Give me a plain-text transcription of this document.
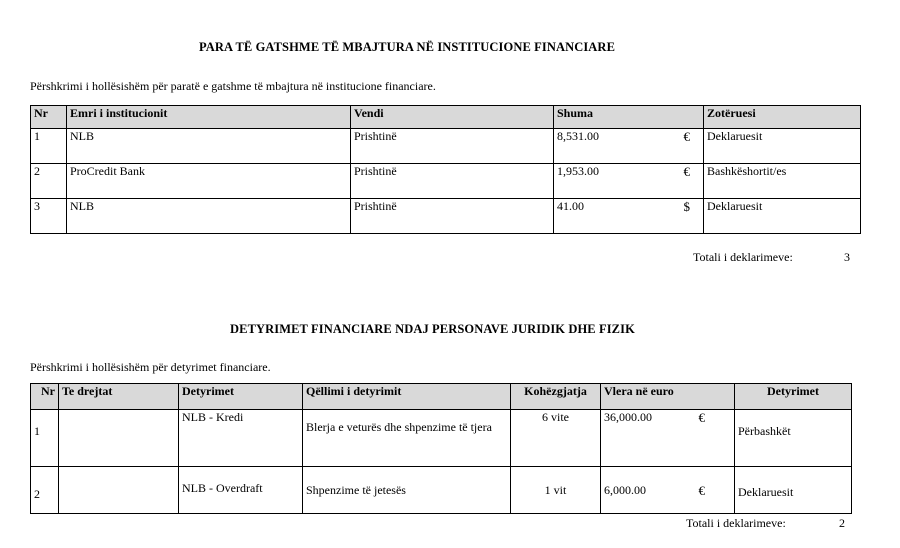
PARA TË GATSHME TË MBAJTURA NË INSTITUCIONE FINANCIARE
Përshkrimi i hollësishëm për paratë e gatshme të mbajtura në institucione financiare.
Nr	Emri i institucionit	Vendi	Shuma	Zotëruesi
1	NLB	Prishtinë	8,531.00 €	Deklaruesit
2	ProCredit Bank	Prishtinë	1,953.00 €	Bashkëshortit/es
3	NLB	Prishtinë	41.00 $	Deklaruesit
Totali i deklarimeve:	3
DETYRIMET FINANCIARE NDAJ PERSONAVE JURIDIK DHE FIZIK
Përshkrimi i hollësishëm për detyrimet financiare.
Nr	Te drejtat	Detyrimet	Qëllimi i detyrimit	Kohëzgjatja	Vlera në euro	Detyrimet
1		NLB - Kredi	Blerja e veturës dhe shpenzime të tjera	6 vite	36,000.00 €	Përbashkët
2		NLB - Overdraft	Shpenzime të jetesës	1 vit	6,000.00 €	Deklaruesit
Totali i deklarimeve:	2
